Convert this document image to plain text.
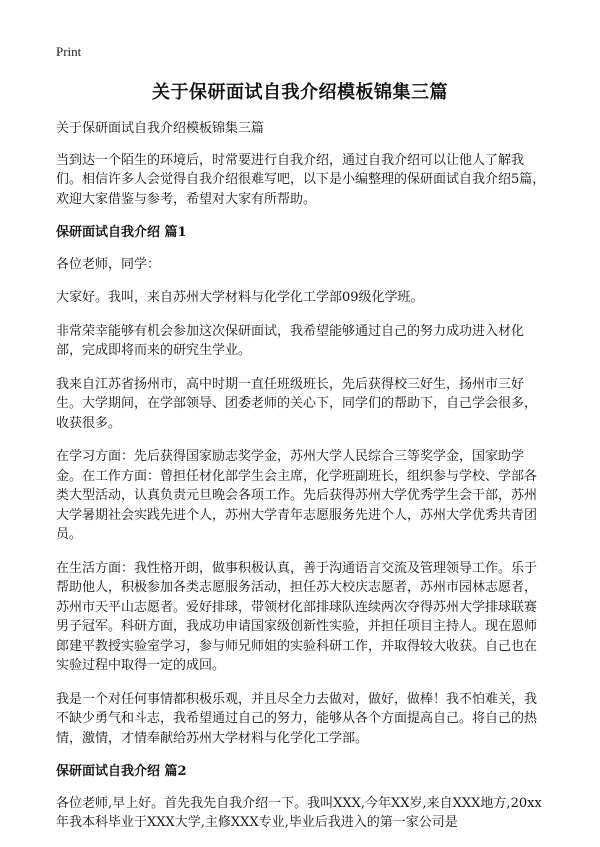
Print
关于保研面试自我介绍模板锦集三篇

关于保研面试自我介绍模板锦集三篇

当到达一个陌生的环境后，时常要进行自我介绍，通过自我介绍可以让他人了解我们。相信许多人会觉得自我介绍很难写吧，以下是小编整理的保研面试自我介绍5篇，欢迎大家借鉴与参考，希望对大家有所帮助。

保研面试自我介绍 篇1

各位老师，同学：

大家好。我叫，来自苏州大学材料与化学化工学部09级化学班。

非常荣幸能够有机会参加这次保研面试，我希望能够通过自己的努力成功进入材化部，完成即将而来的研究生学业。

我来自江苏省扬州市，高中时期一直任班级班长，先后获得校三好生，扬州市三好生。大学期间，在学部领导、团委老师的关心下，同学们的帮助下，自己学会很多，收获很多。

在学习方面：先后获得国家励志奖学金，苏州大学人民综合三等奖学金，国家助学金。在工作方面：曾担任材化部学生会主席，化学班副班长，组织参与学校、学部各类大型活动，认真负责元旦晚会各项工作。先后获得苏州大学优秀学生会干部，苏州大学暑期社会实践先进个人，苏州大学青年志愿服务先进个人，苏州大学优秀共青团员。

在生活方面：我性格开朗，做事积极认真，善于沟通语言交流及管理领导工作。乐于帮助他人，积极参加各类志愿服务活动，担任苏大校庆志愿者，苏州市园林志愿者，苏州市天平山志愿者。爱好排球，带领材化部排球队连续两次夺得苏州大学排球联赛男子冠军。科研方面，我成功申请国家级创新性实验，并担任项目主持人。现在恩师郎建平教授实验室学习，参与师兄师姐的实验科研工作，并取得较大收获。自己也在实验过程中取得一定的成回。

我是一个对任何事情都积极乐观，并且尽全力去做对，做好，做棒！我不怕难关，我不缺少勇气和斗志，我希望通过自己的努力，能够从各个方面提高自己。将自己的热情，激情，才情奉献给苏州大学材料与化学化工学部。

保研面试自我介绍 篇2

各位老师,早上好。首先我先自我介绍一下。我叫XXX,今年XX岁,来自XXX地方,20xx年我本科毕业于XXX大学,主修XXX专业,毕业后我进入的第一家公司是
